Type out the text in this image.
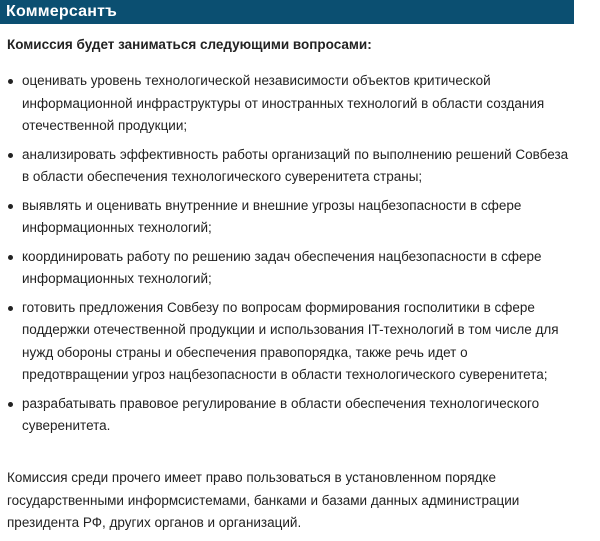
Коммерсантъ
Комиссия будет заниматься следующими вопросами:
оценивать уровень технологической независимости объектов критической информационной инфраструктуры от иностранных технологий в области создания отечественной продукции;
анализировать эффективность работы организаций по выполнению решений Совбеза в области обеспечения технологического суверенитета страны;
выявлять и оценивать внутренние и внешние угрозы нацбезопасности в сфере информационных технологий;
координировать работу по решению задач обеспечения нацбезопасности в сфере информационных технологий;
готовить предложения Совбезу по вопросам формирования госполитики в сфере поддержки отечественной продукции и использования IT-технологий в том числе для нужд обороны страны и обеспечения правопорядка, также речь идет о предотвращении угроз нацбезопасности в области технологического суверенитета;
разрабатывать правовое регулирование в области обеспечения технологического суверенитета.
Комиссия среди прочего имеет право пользоваться в установленном порядке государственными информсистемами, банками и базами данных администрации президента РФ, других органов и организаций.
